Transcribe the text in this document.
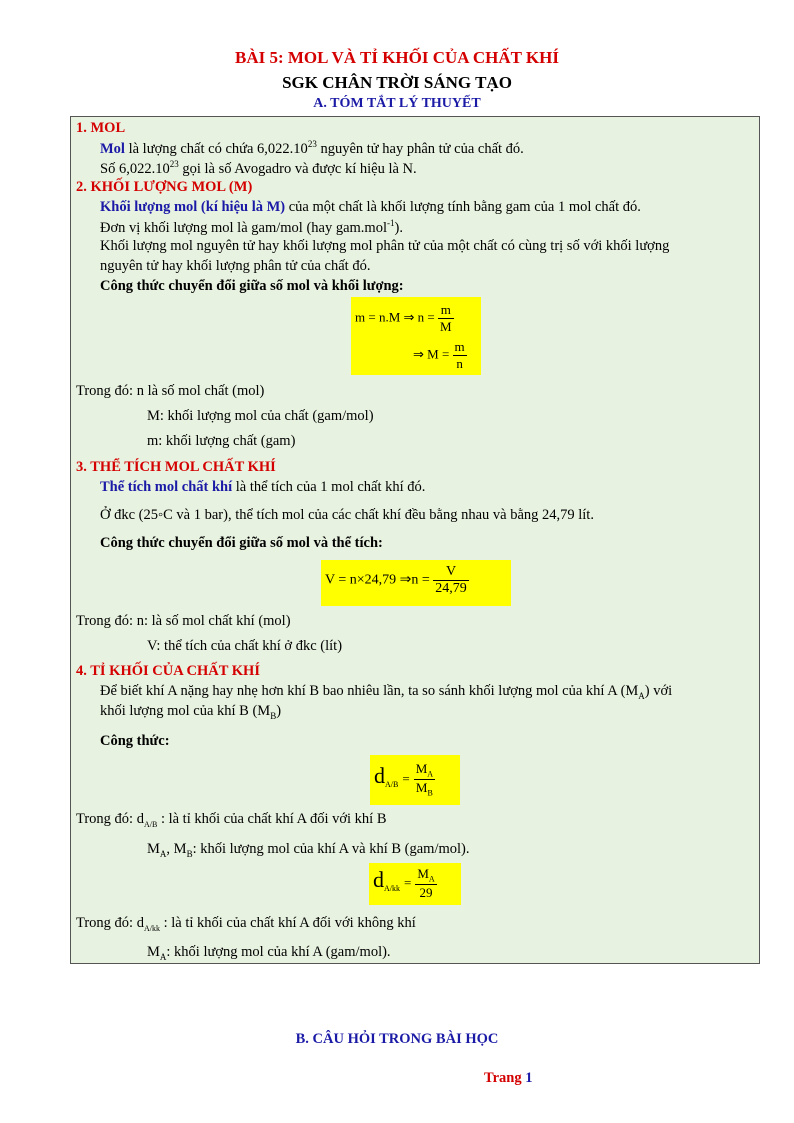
BÀI 5: MOL VÀ TỈ KHỐI CỦA CHẤT KHÍ
SGK CHÂN TRỜI SÁNG TẠO
A. TÓM TẮT LÝ THUYẾT
1. MOL
Mol là lượng chất có chứa 6,022.10$^{23}$ nguyên tử hay phân tử của chất đó.
Số 6,022.10$^{23}$ gọi là số Avogadro và được kí hiệu là N.
2. KHỐI LƯỢNG MOL (M)
Khối lượng mol (kí hiệu là M) của một chất là khối lượng tính bằng gam của 1 mol chất đó.
Đơn vị khối lượng mol là gam/mol (hay gam.mol$^{-1}$).
Khối lượng mol nguyên tử hay khối lượng mol phân tử của một chất có cùng trị số với khối lượng
nguyên tử hay khối lượng phân tử của chất đó.
Công thức chuyển đổi giữa số mol và khối lượng:
m = n.M ⇒ $n = \frac{m}{M}$
⇒ $M = \frac{m}{n}$
Trong đó: n là số mol chất (mol)
M: khối lượng mol của chất (gam/mol)
m: khối lượng chất (gam)
3. THỂ TÍCH MOL CHẤT KHÍ
Thể tích mol chất khí là thể tích của 1 mol chất khí đó.
Ở đkc (25◦C và 1 bar), thể tích mol của các chất khí đều bằng nhau và bằng 24,79 lít.
Công thức chuyển đổi giữa số mol và thể tích:
V = n×24,79 ⇒n = $\frac{V}{24,79}$
Trong đó: n: là số mol chất khí (mol)
V: thể tích của chất khí ở đkc (lít)
4. TỈ KHỐI CỦA CHẤT KHÍ
Để biết khí A nặng hay nhẹ hơn khí B bao nhiêu lần, ta so sánh khối lượng mol của khí A $(M_A)$ với
khối lượng mol của khí B $(M_B)$
Công thức:
$d_{A/B} = \frac{M_A}{M_B}$
Trong đó: $d_{A/B}$ : là tỉ khối của chất khí A đối với khí B
$M_A$, $M_B$: khối lượng mol của khí A và khí B (gam/mol).
$d_{A/kk} = \frac{M_A}{29}$
Trong đó: $d_{A/kk}$ : là tỉ khối của chất khí A đối với không khí
$M_A$: khối lượng mol của khí A (gam/mol).
B. CÂU HỎI TRONG BÀI HỌC
Trang 1
